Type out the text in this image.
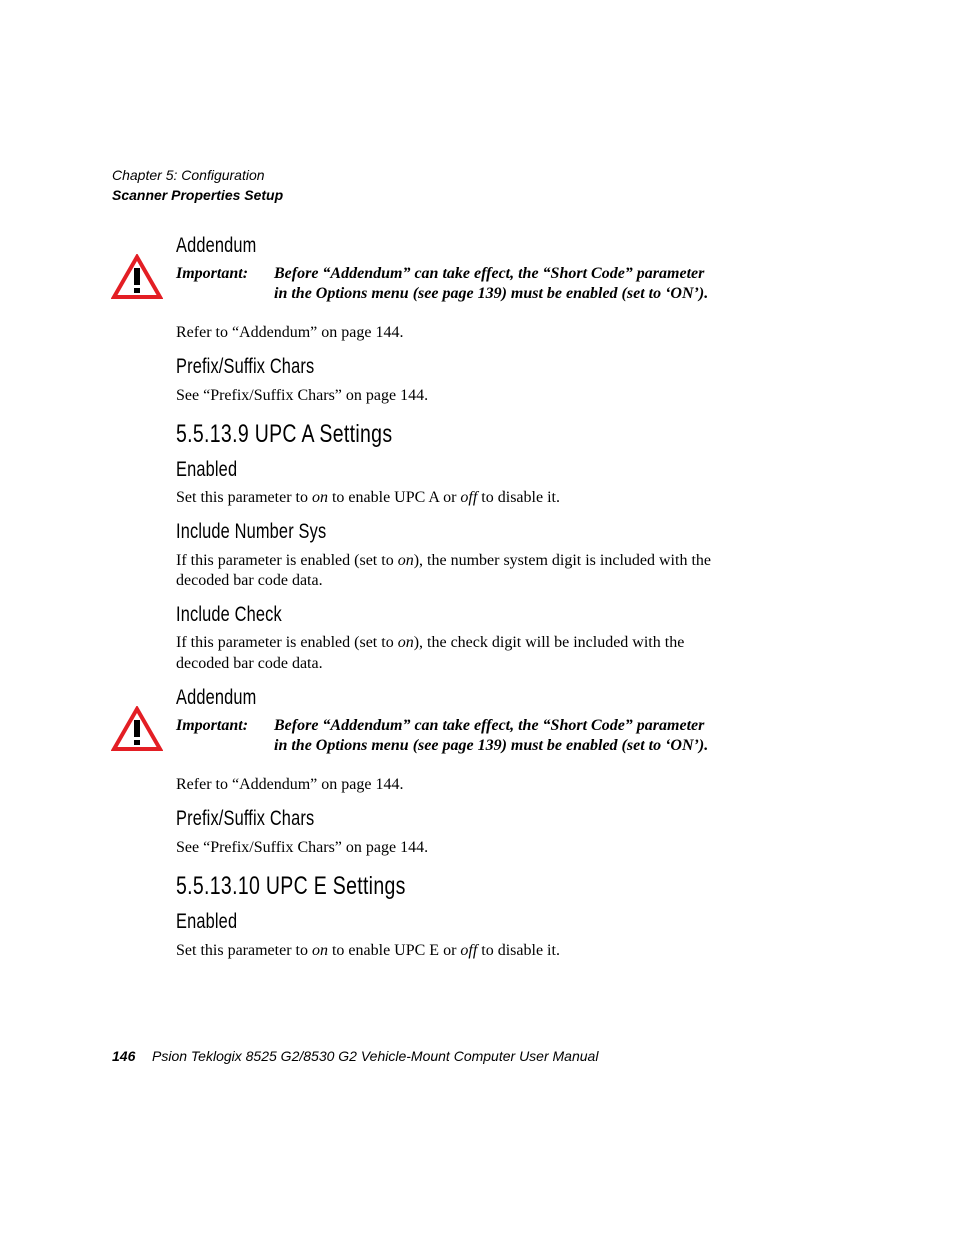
Chapter 5: Configuration
Scanner Properties Setup
Addendum
Important: Before “Addendum” can take effect, the “Short Code” parameter
in the Options menu (see page 139) must be enabled (set to ‘ON’).
Refer to “Addendum” on page 144.
Prefix/Suffix Chars
See “Prefix/Suffix Chars” on page 144.
5.5.13.9 UPC A Settings
Enabled
Set this parameter to on to enable UPC A or off to disable it.
Include Number Sys
If this parameter is enabled (set to on), the number system digit is included with the
decoded bar code data.
Include Check
If this parameter is enabled (set to on), the check digit will be included with the
decoded bar code data.
Addendum
Important: Before “Addendum” can take effect, the “Short Code” parameter
in the Options menu (see page 139) must be enabled (set to ‘ON’).
Refer to “Addendum” on page 144.
Prefix/Suffix Chars
See “Prefix/Suffix Chars” on page 144.
5.5.13.10 UPC E Settings
Enabled
Set this parameter to on to enable UPC E or off to disable it.
146 Psion Teklogix 8525 G2/8530 G2 Vehicle-Mount Computer User Manual
